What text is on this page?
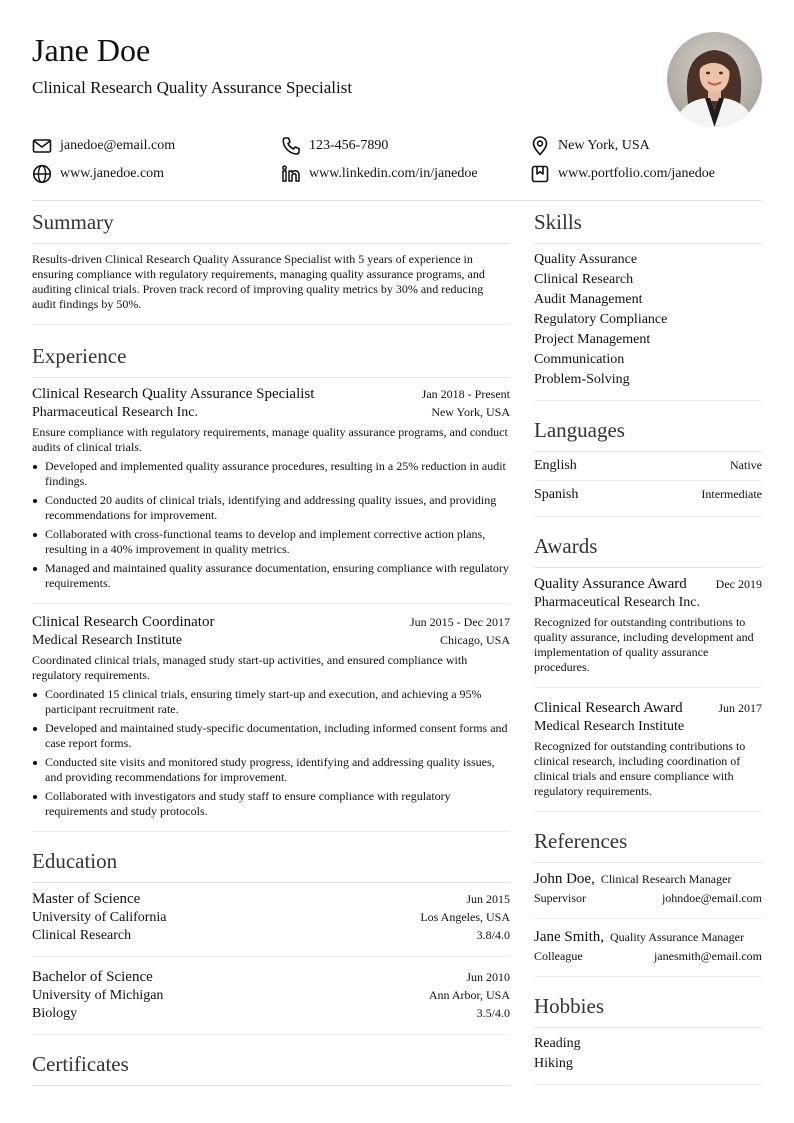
Jane Doe
Clinical Research Quality Assurance Specialist
janedoe@email.com	123-456-7890	New York, USA
www.janedoe.com	www.linkedin.com/in/janedoe	www.portfolio.com/janedoe
Summary

Results-driven Clinical Research Quality Assurance Specialist with 5 years of experience in ensuring compliance with regulatory requirements, managing quality assurance programs, and auditing clinical trials. Proven track record of improving quality metrics by 30% and reducing audit findings by 50%.

Experience
Clinical Research Quality Assurance Specialist	Jan 2018 - Present
Pharmaceutical Research Inc.	New York, USA

Ensure compliance with regulatory requirements, manage quality assurance programs, and conduct audits of clinical trials.

Developed and implemented quality assurance procedures, resulting in a 25% reduction in audit findings.
Conducted 20 audits of clinical trials, identifying and addressing quality issues, and providing recommendations for improvement.
Collaborated with cross-functional teams to develop and implement corrective action plans, resulting in a 40% improvement in quality metrics.
Managed and maintained quality assurance documentation, ensuring compliance with regulatory requirements.
Clinical Research Coordinator	Jun 2015 - Dec 2017
Medical Research Institute	Chicago, USA

Coordinated clinical trials, managed study start-up activities, and ensured compliance with regulatory requirements.

Coordinated 15 clinical trials, ensuring timely start-up and execution, and achieving a 95% participant recruitment rate.
Developed and maintained study-specific documentation, including informed consent forms and case report forms.
Conducted site visits and monitored study progress, identifying and addressing quality issues, and providing recommendations for improvement.
Collaborated with investigators and study staff to ensure compliance with regulatory requirements and study protocols.
Education
Master of Science	Jun 2015
University of California	Los Angeles, USA
Clinical Research	3.8/4.0
Bachelor of Science	Jun 2010
University of Michigan	Ann Arbor, USA
Biology	3.5/4.0
Certificates
Skills
Quality Assurance
Clinical Research
Audit Management
Regulatory Compliance
Project Management
Communication
Problem-Solving
Languages
English	Native
Spanish	Intermediate
Awards
Quality Assurance Award Dec 2019
Pharmaceutical Research Inc.

Recognized for outstanding contributions to quality assurance, including development and implementation of quality assurance procedures.

Clinical Research Award	Jun 2017
Medical Research Institute

Recognized for outstanding contributions to clinical research, including coordination of clinical trials and ensure compliance with regulatory requirements.

References
John Doe, Clinical Research Manager
Supervisor	johndoe@email.com
Jane Smith, Quality Assurance Manager
Colleague	janesmith@email.com
Hobbies
Reading
Hiking
